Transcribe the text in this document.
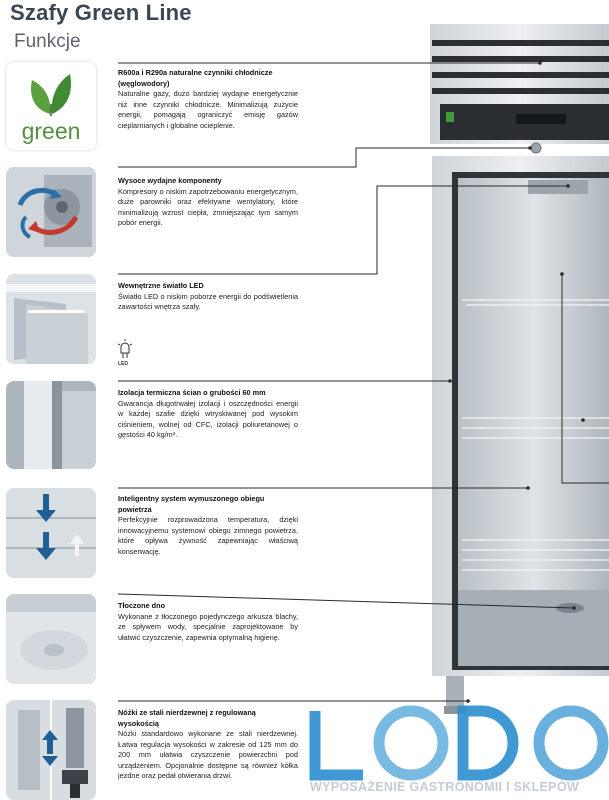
Szafy Green Line
Funkcje
green
LED
R600a i R290a naturalne czynniki chłodnicze (węglowodory)
Naturalne gazy, dużo bardziej wydajne energetycznie niż inne czynniki chłodnicze. Minimalizują zużycie energii, pomagają ograniczyć emisję gazów cieplarnianych i globalne ocieplenie.
Wysoce wydajne komponenty
Kompresory o niskim zapotrzebowaniu energetycznym, duże parowniki oraz efektywne wentylatory, które minimalizują wzrost ciepła, zmniejszając tym samym pobór energii.
Wewnętrzne światło LED
Światło LED o niskim poborze energii do podświetlenia zawartości wnętrza szafy.
Izolacja termiczna ścian o grubości 60 mm
Gwarancja długotrwałej izolacji i oszczędności energii w każdej szafie dzięki wtryskiwanej pod wysokim ciśnieniem, wolnej od CFC, izolacji poliuretanowej o gęstości 40 kg/m³.
Inteligentny system wymuszonego obiegu powietrza
Perfekcyjnie rozprowadzona temperatura, dzięki innowacyjnemu systemowi obiegu zimnego powietrza, które opływa żywność zapewniając właściwą konserwację.
Tłoczone dno
Wykonane z tłoczonego pojedynczego arkusza blachy, ze spływem wody, specjalnie zaprojektowane by ułatwić czyszczenie, zapewnia optymalną higienę.
Nóżki ze stali nierdzewnej z regulowaną wysokością
Nóżki standardowo wykonane ze stali nierdzewnej. Łatwa regulacja wysokości w zakresie od 125 mm do 200 mm ułatwia czyszczenie powierzchni pod urządzeniem. Opcjonalnie dostępne są również kółka jezdne oraz pedał otwierania drzwi.
LODO
WYPOSAŻENIE GASTRONOMII I SKLEPÓW
